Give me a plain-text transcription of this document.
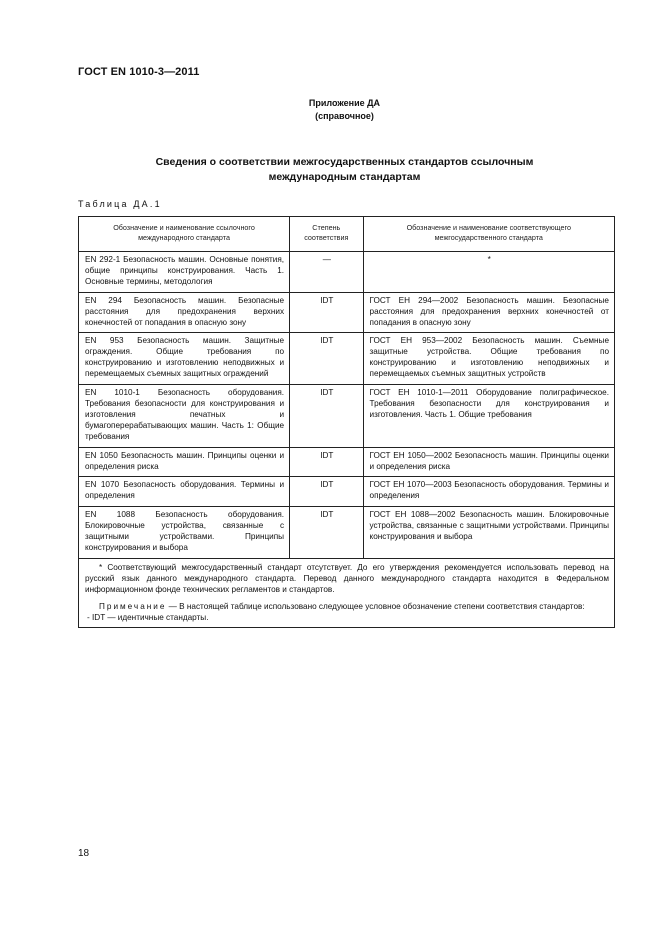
ГОСТ EN 1010-3—2011
Приложение ДА
(справочное)
Сведения о соответствии межгосударственных стандартов ссылочным
международным стандартам
Таблица ДА.1
Обозначение и наименование ссылочного международного стандарта	Степень соответствия	Обозначение и наименование соответствующего межгосударственного стандарта
EN 292-1 Безопасность машин. Основные понятия, общие принципы конструирования. Часть 1. Основные термины, методология	—	*
EN 294 Безопасность машин. Безопасные расстояния для предохранения верхних конечностей от попадания в опасную зону	IDT	ГОСТ ЕН 294—2002 Безопасность машин. Безопасные расстояния для предохранения верхних конечностей от попадания в опасную зону
EN 953 Безопасность машин. Защитные ограждения. Общие требования по конструированию и изготовлению неподвижных и перемещаемых съемных защитных ограждений	IDT	ГОСТ ЕН 953—2002 Безопасность машин. Съемные защитные устройства. Общие требования по конструированию и изготовлению неподвижных и перемещаемых съемных защитных устройств
EN 1010-1 Безопасность оборудования. Требования безопасности для конструирования и изготовления печатных и бумагоперерабатывающих машин. Часть 1: Общие требования	IDT	ГОСТ ЕН 1010-1—2011 Оборудование полиграфическое. Требования безопасности для конструирования и изготовления. Часть 1. Общие требования
EN 1050 Безопасность машин. Принципы оценки и определения риска	IDT	ГОСТ ЕН 1050—2002 Безопасность машин. Принципы оценки и определения риска
EN 1070 Безопасность оборудования. Термины и определения	IDT	ГОСТ ЕН 1070—2003 Безопасность оборудования. Термины и определения
EN 1088 Безопасность оборудования. Блокировочные устройства, связанные с защитными устройствами. Принципы конструирования и выбора	IDT	ГОСТ ЕН 1088—2002 Безопасность машин. Блокировочные устройства, связанные с защитными устройствами. Принципы конструирования и выбора

* Соответствующий межгосударственный стандарт отсутствует. До его утверждения рекомендуется использовать перевод на русский язык данного международного стандарта. Перевод данного международного стандарта находится в Федеральном информационном фонде технических регламентов и стандартов.
Примечание — В настоящей таблице использовано следующее условное обозначение степени соответствия стандартов:
- IDT — идентичные стандарты.		
18
